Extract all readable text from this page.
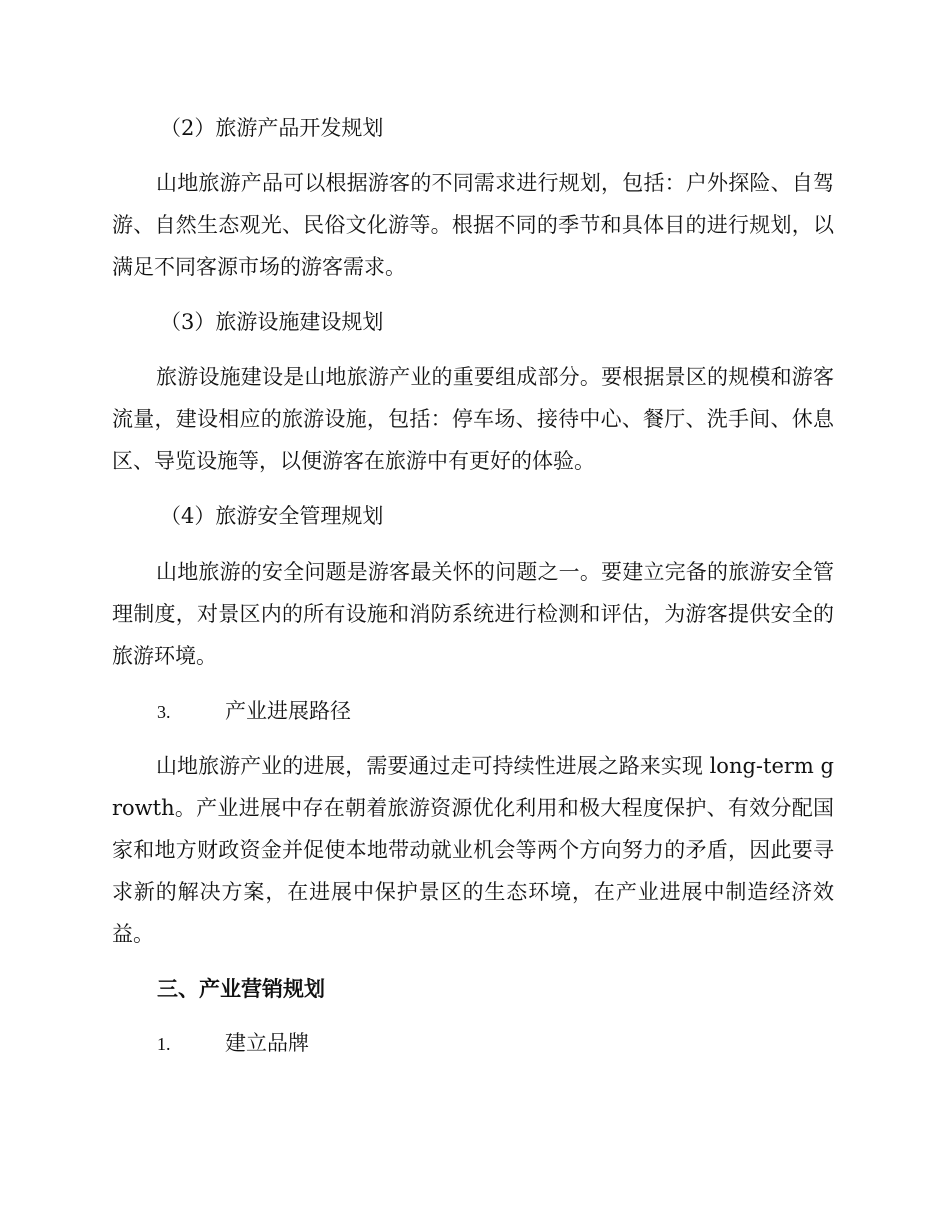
（2）旅游产品开发规划

山地旅游产品可以根据游客的不同需求进行规划，包括：户外探险、自驾游、自然生态观光、民俗文化游等。根据不同的季节和具体目的进行规划，以满足不同客源市场的游客需求。

（3）旅游设施建设规划

旅游设施建设是山地旅游产业的重要组成部分。要根据景区的规模和游客流量，建设相应的旅游设施，包括：停车场、接待中心、餐厅、洗手间、休息区、导览设施等，以便游客在旅游中有更好的体验。

（4）旅游安全管理规划

山地旅游的安全问题是游客最关怀的问题之一。要建立完备的旅游安全管理制度，对景区内的所有设施和消防系统进行检测和评估，为游客提供安全的旅游环境。

3.	产业进展路径

山地旅游产业的进展，需要通过走可持续性进展之路来实现 long-term growth。产业进展中存在朝着旅游资源优化利用和极大程度保护、有效分配国家和地方财政资金并促使本地带动就业机会等两个方向努力的矛盾，因此要寻求新的解决方案，在进展中保护景区的生态环境，在产业进展中制造经济效益。

三、产业营销规划
1.	建立品牌
